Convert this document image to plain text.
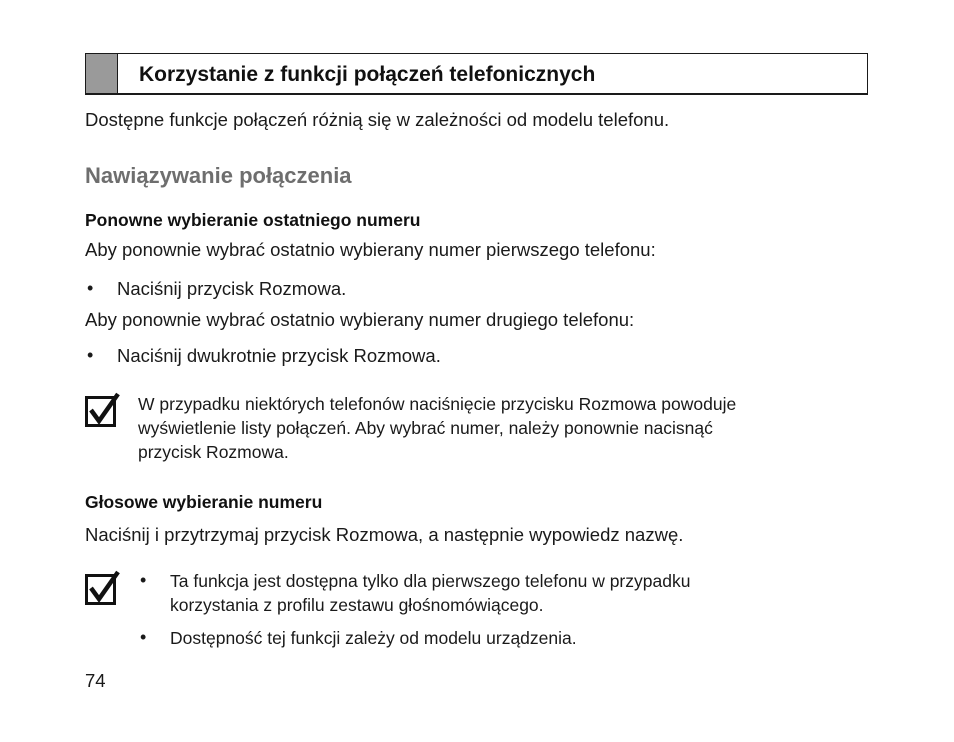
Korzystanie z funkcji połączeń telefonicznych
Dostępne funkcje połączeń różnią się w zależności od modelu telefonu.
Nawiązywanie połączenia
Ponowne wybieranie ostatniego numeru
Aby ponownie wybrać ostatnio wybierany numer pierwszego telefonu:
• Naciśnij przycisk Rozmowa.
Aby ponownie wybrać ostatnio wybierany numer drugiego telefonu:
• Naciśnij dwukrotnie przycisk Rozmowa.
W przypadku niektórych telefonów naciśnięcie przycisku Rozmowa powoduje
wyświetlenie listy połączeń. Aby wybrać numer, należy ponownie nacisnąć
przycisk Rozmowa.
Głosowe wybieranie numeru
Naciśnij i przytrzymaj przycisk Rozmowa, a następnie wypowiedz nazwę.
• Ta funkcja jest dostępna tylko dla pierwszego telefonu w przypadku
korzystania z profilu zestawu głośnomówiącego.
• Dostępność tej funkcji zależy od modelu urządzenia.
74
